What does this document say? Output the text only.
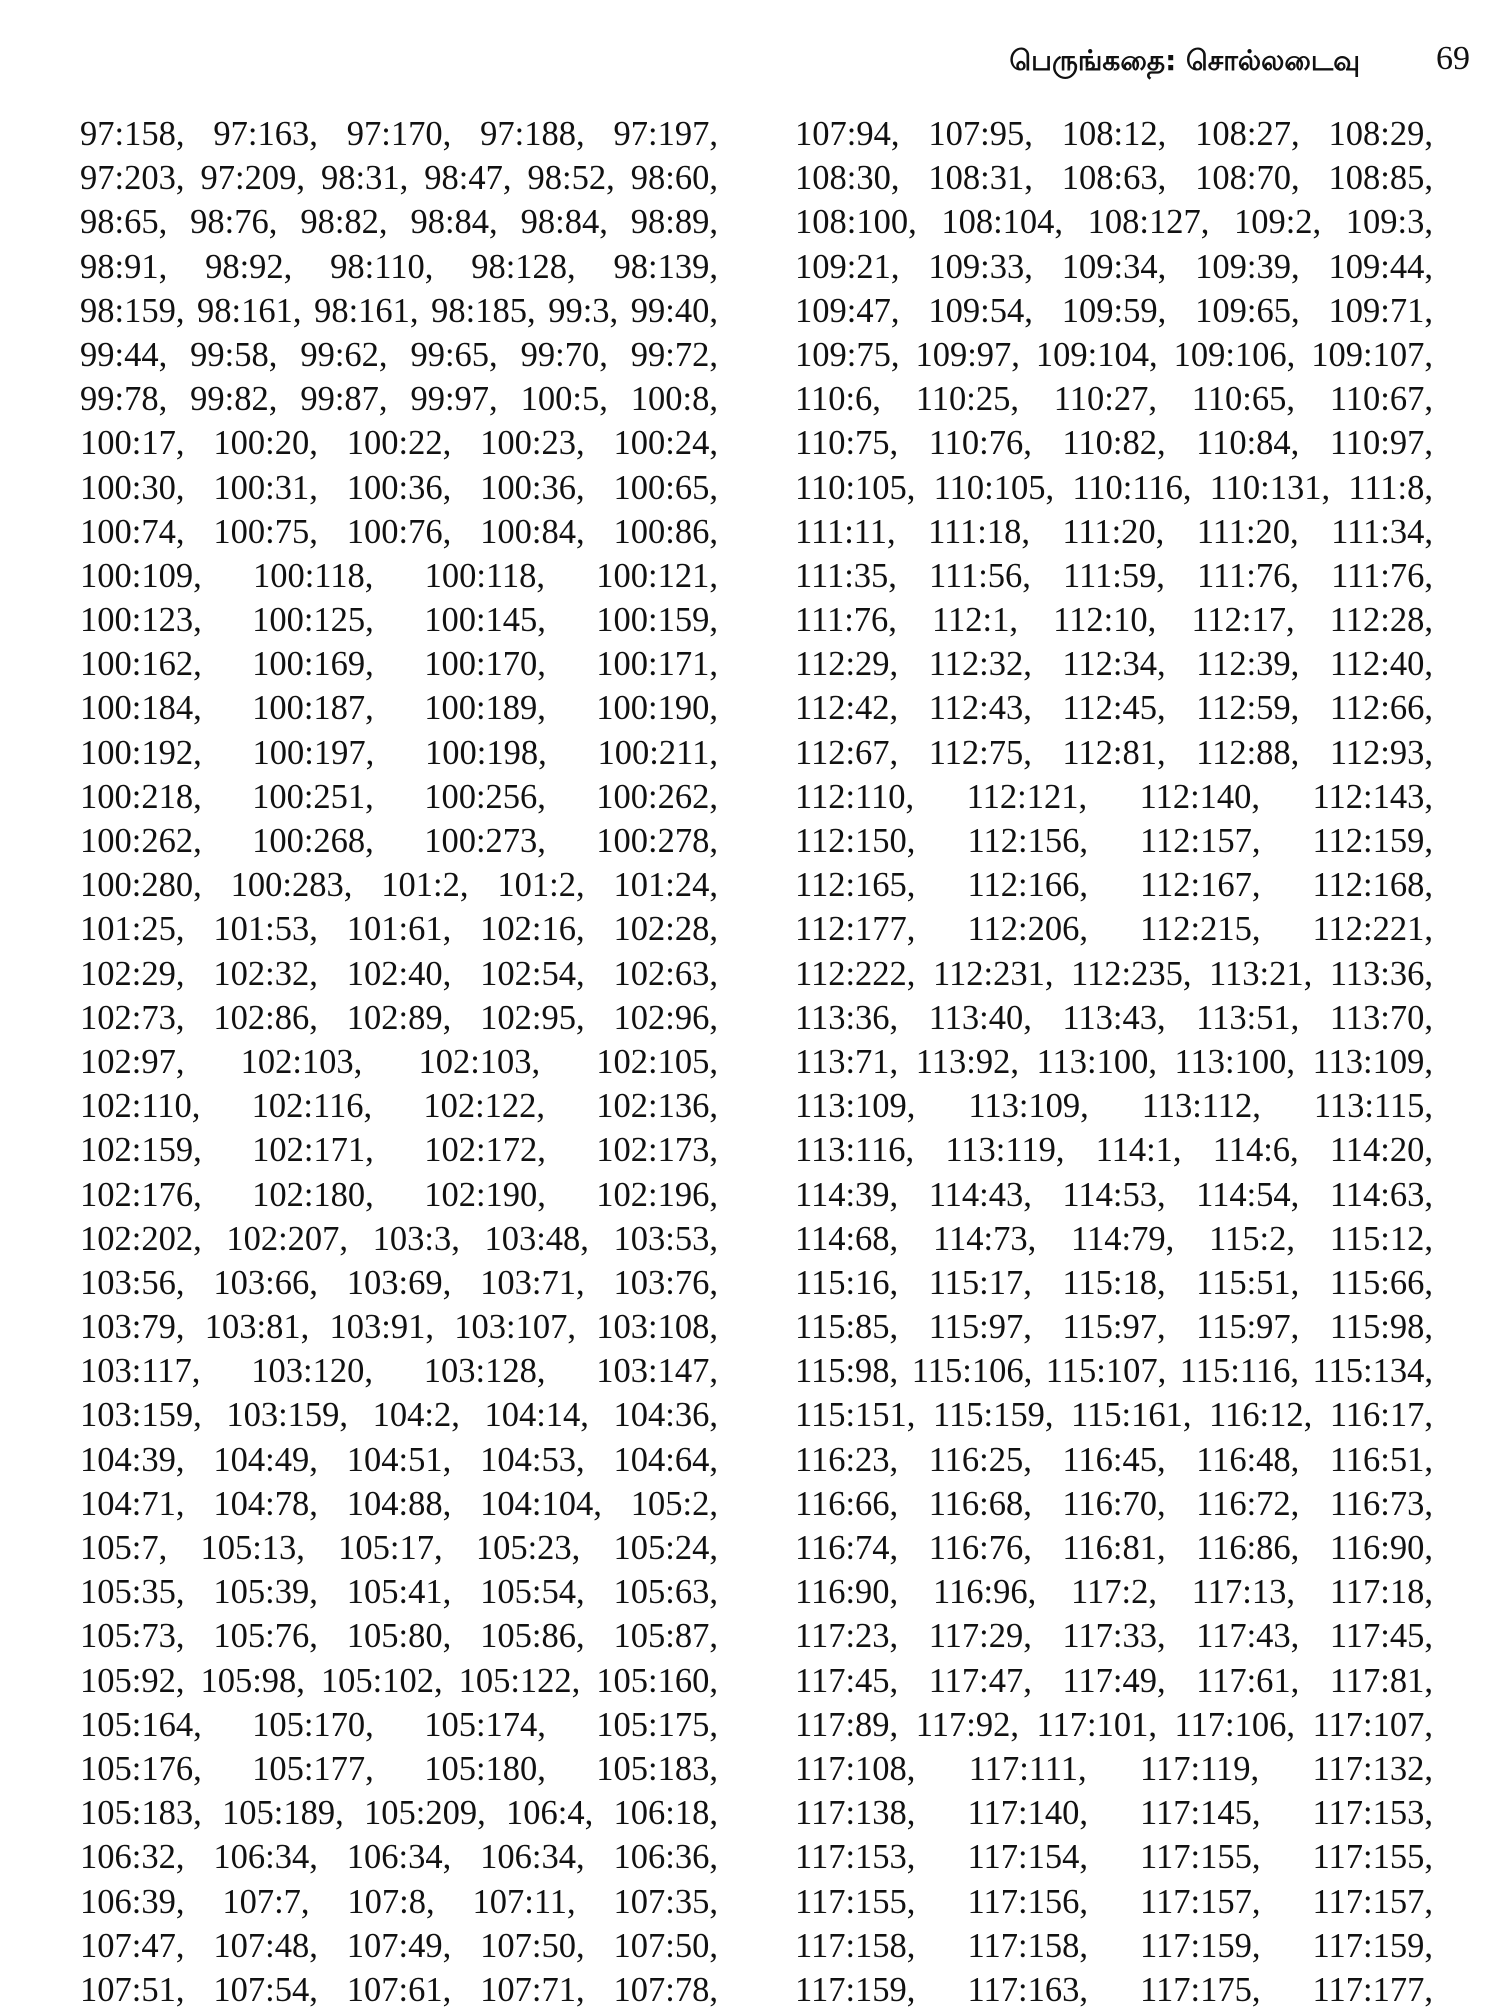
பெருங்கதை: சொல்லடைவு	69
97:158, 97:163, 97:170, 97:188, 97:197,
97:203, 97:209, 98:31, 98:47, 98:52, 98:60,
98:65, 98:76, 98:82, 98:84, 98:84, 98:89,
98:91, 98:92, 98:110, 98:128, 98:139,
98:159, 98:161, 98:161, 98:185, 99:3, 99:40,
99:44, 99:58, 99:62, 99:65, 99:70, 99:72,
99:78, 99:82, 99:87, 99:97, 100:5, 100:8,
100:17, 100:20, 100:22, 100:23, 100:24,
100:30, 100:31, 100:36, 100:36, 100:65,
100:74, 100:75, 100:76, 100:84, 100:86,
100:109, 100:118, 100:118, 100:121,
100:123, 100:125, 100:145, 100:159,
100:162, 100:169, 100:170, 100:171,
100:184, 100:187, 100:189, 100:190,
100:192, 100:197, 100:198, 100:211,
100:218, 100:251, 100:256, 100:262,
100:262, 100:268, 100:273, 100:278,
100:280, 100:283, 101:2, 101:2, 101:24,
101:25, 101:53, 101:61, 102:16, 102:28,
102:29, 102:32, 102:40, 102:54, 102:63,
102:73, 102:86, 102:89, 102:95, 102:96,
102:97, 102:103, 102:103, 102:105,
102:110, 102:116, 102:122, 102:136,
102:159, 102:171, 102:172, 102:173,
102:176, 102:180, 102:190, 102:196,
102:202, 102:207, 103:3, 103:48, 103:53,
103:56, 103:66, 103:69, 103:71, 103:76,
103:79, 103:81, 103:91, 103:107, 103:108,
103:117, 103:120, 103:128, 103:147,
103:159, 103:159, 104:2, 104:14, 104:36,
104:39, 104:49, 104:51, 104:53, 104:64,
104:71, 104:78, 104:88, 104:104, 105:2,
105:7, 105:13, 105:17, 105:23, 105:24,
105:35, 105:39, 105:41, 105:54, 105:63,
105:73, 105:76, 105:80, 105:86, 105:87,
105:92, 105:98, 105:102, 105:122, 105:160,
105:164, 105:170, 105:174, 105:175,
105:176, 105:177, 105:180, 105:183,
105:183, 105:189, 105:209, 106:4, 106:18,
106:32, 106:34, 106:34, 106:34, 106:36,
106:39, 107:7, 107:8, 107:11, 107:35,
107:47, 107:48, 107:49, 107:50, 107:50,
107:51, 107:54, 107:61, 107:71, 107:78,
107:94, 107:95, 108:12, 108:27, 108:29,
108:30, 108:31, 108:63, 108:70, 108:85,
108:100, 108:104, 108:127, 109:2, 109:3,
109:21, 109:33, 109:34, 109:39, 109:44,
109:47, 109:54, 109:59, 109:65, 109:71,
109:75, 109:97, 109:104, 109:106, 109:107,
110:6, 110:25, 110:27, 110:65, 110:67,
110:75, 110:76, 110:82, 110:84, 110:97,
110:105, 110:105, 110:116, 110:131, 111:8,
111:11, 111:18, 111:20, 111:20, 111:34,
111:35, 111:56, 111:59, 111:76, 111:76,
111:76, 112:1, 112:10, 112:17, 112:28,
112:29, 112:32, 112:34, 112:39, 112:40,
112:42, 112:43, 112:45, 112:59, 112:66,
112:67, 112:75, 112:81, 112:88, 112:93,
112:110, 112:121, 112:140, 112:143,
112:150, 112:156, 112:157, 112:159,
112:165, 112:166, 112:167, 112:168,
112:177, 112:206, 112:215, 112:221,
112:222, 112:231, 112:235, 113:21, 113:36,
113:36, 113:40, 113:43, 113:51, 113:70,
113:71, 113:92, 113:100, 113:100, 113:109,
113:109, 113:109, 113:112, 113:115,
113:116, 113:119, 114:1, 114:6, 114:20,
114:39, 114:43, 114:53, 114:54, 114:63,
114:68, 114:73, 114:79, 115:2, 115:12,
115:16, 115:17, 115:18, 115:51, 115:66,
115:85, 115:97, 115:97, 115:97, 115:98,
115:98, 115:106, 115:107, 115:116, 115:134,
115:151, 115:159, 115:161, 116:12, 116:17,
116:23, 116:25, 116:45, 116:48, 116:51,
116:66, 116:68, 116:70, 116:72, 116:73,
116:74, 116:76, 116:81, 116:86, 116:90,
116:90, 116:96, 117:2, 117:13, 117:18,
117:23, 117:29, 117:33, 117:43, 117:45,
117:45, 117:47, 117:49, 117:61, 117:81,
117:89, 117:92, 117:101, 117:106, 117:107,
117:108, 117:111, 117:119, 117:132,
117:138, 117:140, 117:145, 117:153,
117:153, 117:154, 117:155, 117:155,
117:155, 117:156, 117:157, 117:157,
117:158, 117:158, 117:159, 117:159,
117:159, 117:163, 117:175, 117:177,
